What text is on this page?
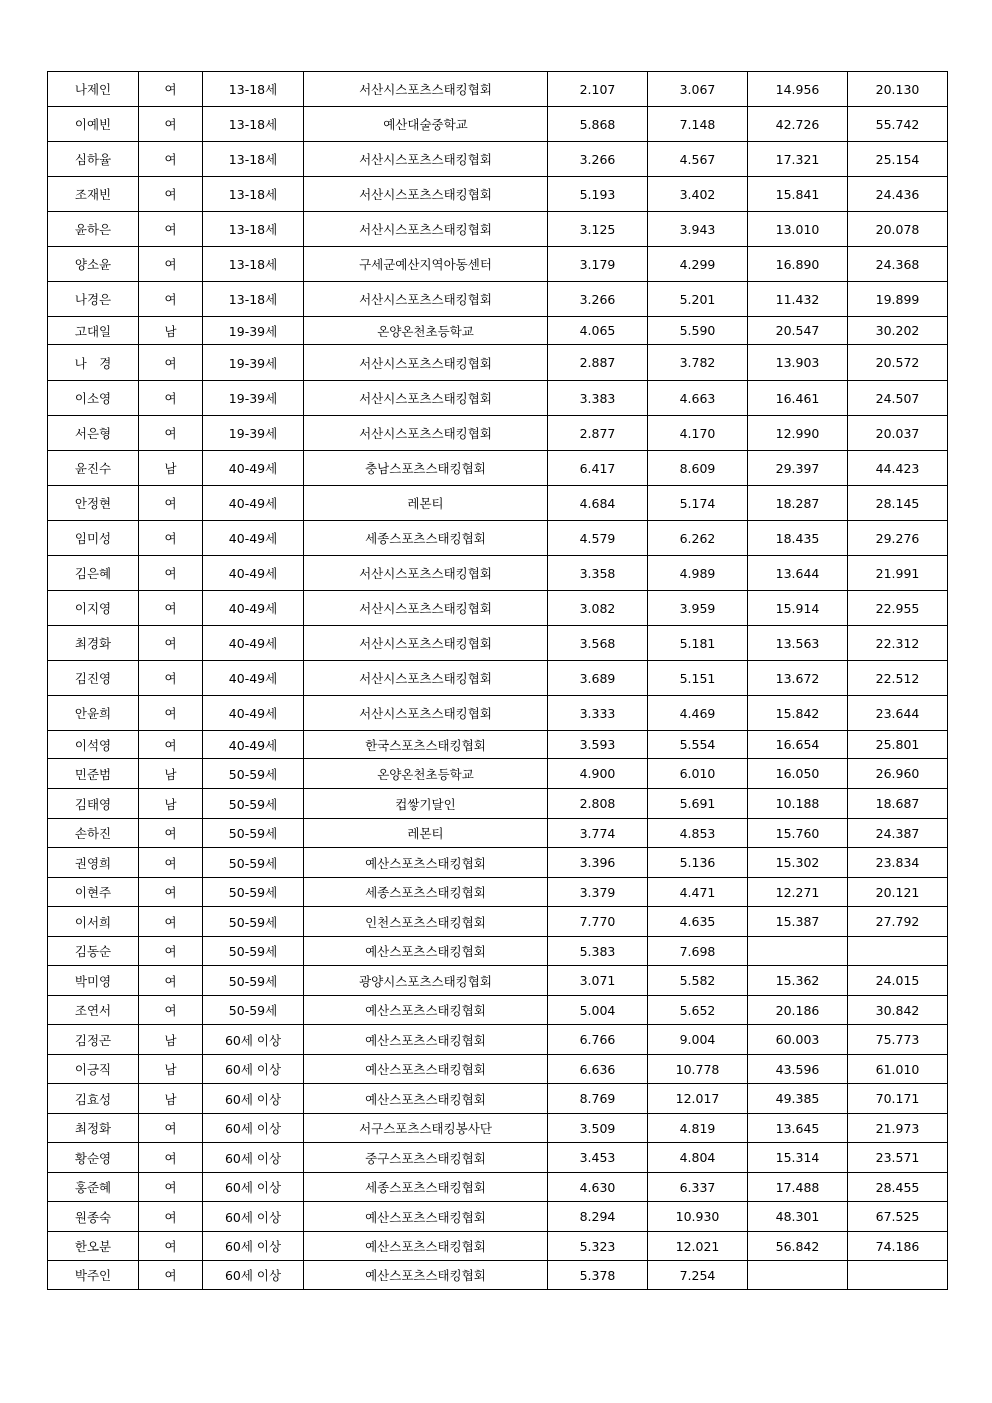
나제인	여	13-18세	서산시스포츠스태킹협회	2.107	3.067	14.956	20.130
이예빈	여	13-18세	예산대술중학교	5.868	7.148	42.726	55.742
심하율	여	13-18세	서산시스포츠스태킹협회	3.266	4.567	17.321	25.154
조재빈	여	13-18세	서산시스포츠스태킹협회	5.193	3.402	15.841	24.436
윤하은	여	13-18세	서산시스포츠스태킹협회	3.125	3.943	13.010	20.078
양소윤	여	13-18세	구세군예산지역아동센터	3.179	4.299	16.890	24.368
나경은	여	13-18세	서산시스포츠스태킹협회	3.266	5.201	11.432	19.899
고대일	남	19-39세	온양온천초등학교	4.065	5.590	20.547	30.202
나　경	여	19-39세	서산시스포츠스태킹협회	2.887	3.782	13.903	20.572
이소영	여	19-39세	서산시스포츠스태킹협회	3.383	4.663	16.461	24.507
서은형	여	19-39세	서산시스포츠스태킹협회	2.877	4.170	12.990	20.037
윤진수	남	40-49세	충남스포츠스태킹협회	6.417	8.609	29.397	44.423
안정현	여	40-49세	레몬티	4.684	5.174	18.287	28.145
임미성	여	40-49세	세종스포츠스태킹협회	4.579	6.262	18.435	29.276
김은혜	여	40-49세	서산시스포츠스태킹협회	3.358	4.989	13.644	21.991
이지영	여	40-49세	서산시스포츠스태킹협회	3.082	3.959	15.914	22.955
최경화	여	40-49세	서산시스포츠스태킹협회	3.568	5.181	13.563	22.312
김진영	여	40-49세	서산시스포츠스태킹협회	3.689	5.151	13.672	22.512
안윤희	여	40-49세	서산시스포츠스태킹협회	3.333	4.469	15.842	23.644
이석영	여	40-49세	한국스포츠스태킹협회	3.593	5.554	16.654	25.801
민준범	남	50-59세	온양온천초등학교	4.900	6.010	16.050	26.960
김태영	남	50-59세	컵쌓기달인	2.808	5.691	10.188	18.687
손하진	여	50-59세	레몬티	3.774	4.853	15.760	24.387
권영희	여	50-59세	예산스포츠스태킹협회	3.396	5.136	15.302	23.834
이현주	여	50-59세	세종스포츠스태킹협회	3.379	4.471	12.271	20.121
이서희	여	50-59세	인천스포츠스태킹협회	7.770	4.635	15.387	27.792
김동순	여	50-59세	예산스포츠스태킹협회	5.383	7.698		
박미영	여	50-59세	광양시스포츠스태킹협회	3.071	5.582	15.362	24.015
조연서	여	50-59세	예산스포츠스태킹협회	5.004	5.652	20.186	30.842
김정곤	남	60세 이상	예산스포츠스태킹협회	6.766	9.004	60.003	75.773
이긍직	남	60세 이상	예산스포츠스태킹협회	6.636	10.778	43.596	61.010
김효성	남	60세 이상	예산스포츠스태킹협회	8.769	12.017	49.385	70.171
최정화	여	60세 이상	서구스포츠스태킹봉사단	3.509	4.819	13.645	21.973
황순영	여	60세 이상	중구스포츠스태킹협회	3.453	4.804	15.314	23.571
홍준혜	여	60세 이상	세종스포츠스태킹협회	4.630	6.337	17.488	28.455
원종숙	여	60세 이상	예산스포츠스태킹협회	8.294	10.930	48.301	67.525
한오분	여	60세 이상	예산스포츠스태킹협회	5.323	12.021	56.842	74.186
박주인	여	60세 이상	예산스포츠스태킹협회	5.378	7.254		
